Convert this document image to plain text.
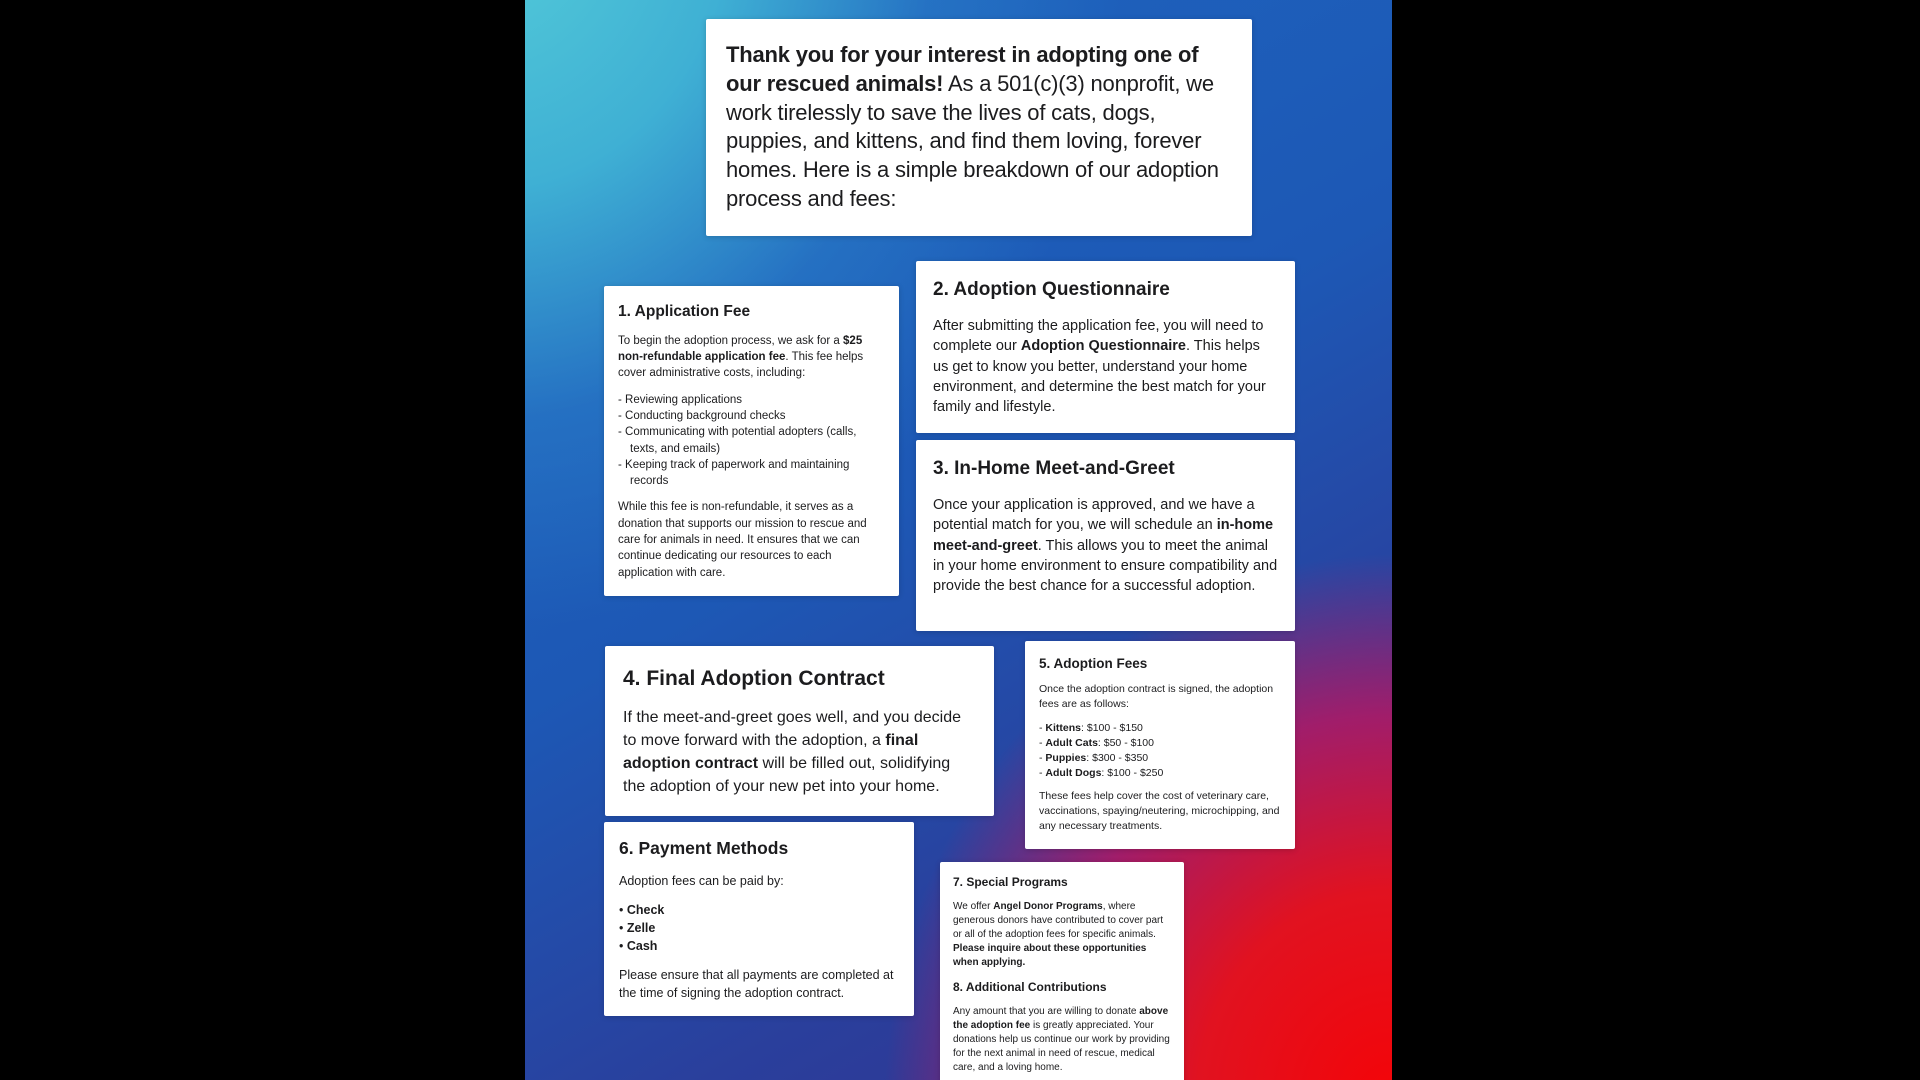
Thank you for your interest in adopting one of our rescued animals! As a 501(c)(3) nonprofit, we work tirelessly to save the lives of cats, dogs, puppies, and kittens, and find them loving, forever homes. Here is a simple breakdown of our adoption process and fees:

1. Application Fee

To begin the adoption process, we ask for a $25 non-refundable application fee. This fee helps cover administrative costs, including:

- Reviewing applications
- Conducting background checks
- Communicating with potential adopters (calls, texts, and emails)
- Keeping track of paperwork and maintaining records

While this fee is non-refundable, it serves as a donation that supports our mission to rescue and care for animals in need. It ensures that we can continue dedicating our resources to each application with care.

2. Adoption Questionnaire

After submitting the application fee, you will need to complete our Adoption Questionnaire. This helps us get to know you better, understand your home environment, and determine the best match for your family and lifestyle.

3. In-Home Meet-and-Greet

Once your application is approved, and we have a potential match for you, we will schedule an in-home meet-and-greet. This allows you to meet the animal in your home environment to ensure compatibility and provide the best chance for a successful adoption.

4. Final Adoption Contract

If the meet-and-greet goes well, and you decide to move forward with the adoption, a final adoption contract will be filled out, solidifying the adoption of your new pet into your home.

5. Adoption Fees

Once the adoption contract is signed, the adoption fees are as follows:

- Kittens: $100 - $150
- Adult Cats: $50 - $100
- Puppies: $300 - $350
- Adult Dogs: $100 - $250

These fees help cover the cost of veterinary care, vaccinations, spaying/neutering, microchipping, and any necessary treatments.

6. Payment Methods

Adoption fees can be paid by:

• Check
• Zelle
• Cash

Please ensure that all payments are completed at the time of signing the adoption contract.

7. Special Programs

We offer Angel Donor Programs, where generous donors have contributed to cover part or all of the adoption fees for specific animals. Please inquire about these opportunities when applying.

8. Additional Contributions

Any amount that you are willing to donate above the adoption fee is greatly appreciated. Your donations help us continue our work by providing for the next animal in need of rescue, medical care, and a loving home.
